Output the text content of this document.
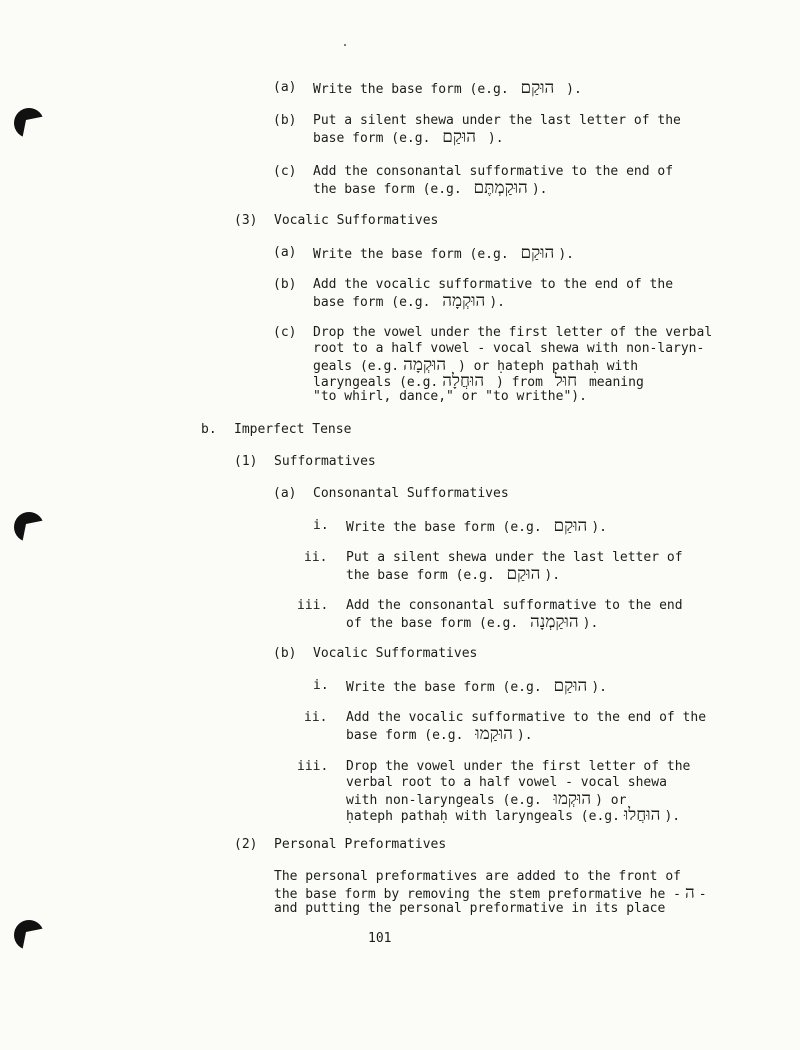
(a) Write the base form (e.g. הוּקַם ).
(b) Put a silent shewa under the last letter of the
base form (e.g. הוּקַם ).
(c) Add the consonantal sufformative to the end of
the base form (e.g. הוּקַמְתֶּם ).
(3) Vocalic Sufformatives
(a) Write the base form (e.g. הוּקַם ).
(b) Add the vocalic sufformative to the end of the
base form (e.g. הוּקְמָה ).
(c) Drop the vowel under the first letter of the verbal
root to a half vowel - vocal shewa with non-laryn-
geals (e.g. הוּקְמָה ) or ḥateph pathaḥ with
laryngeals (e.g. הוּחֲלָה ) from חוּל meaning
"to whirl, dance," or "to writhe").
b. Imperfect Tense
(1) Sufformatives
(a) Consonantal Sufformatives
i. Write the base form (e.g. הוּקַם ).
ii. Put a silent shewa under the last letter of
the base form (e.g. הוּקַם ).
iii. Add the consonantal sufformative to the end
of the base form (e.g. הוּקַמְנָה ).
(b) Vocalic Sufformatives
i. Write the base form (e.g. הוּקַם ).
ii. Add the vocalic sufformative to the end of the
base form (e.g. הוּקַמוּ ).
iii. Drop the vowel under the first letter of the
verbal root to a half vowel - vocal shewa
with non-laryngeals (e.g. הוּקְמוּ ) or
ḥateph pathaḥ with laryngeals (e.g. הוּחֲלוּ ).
(2) Personal Preformatives
The personal preformatives are added to the front of
the base form by removing the stem preformative he - ה -
and putting the personal preformative in its place
101
